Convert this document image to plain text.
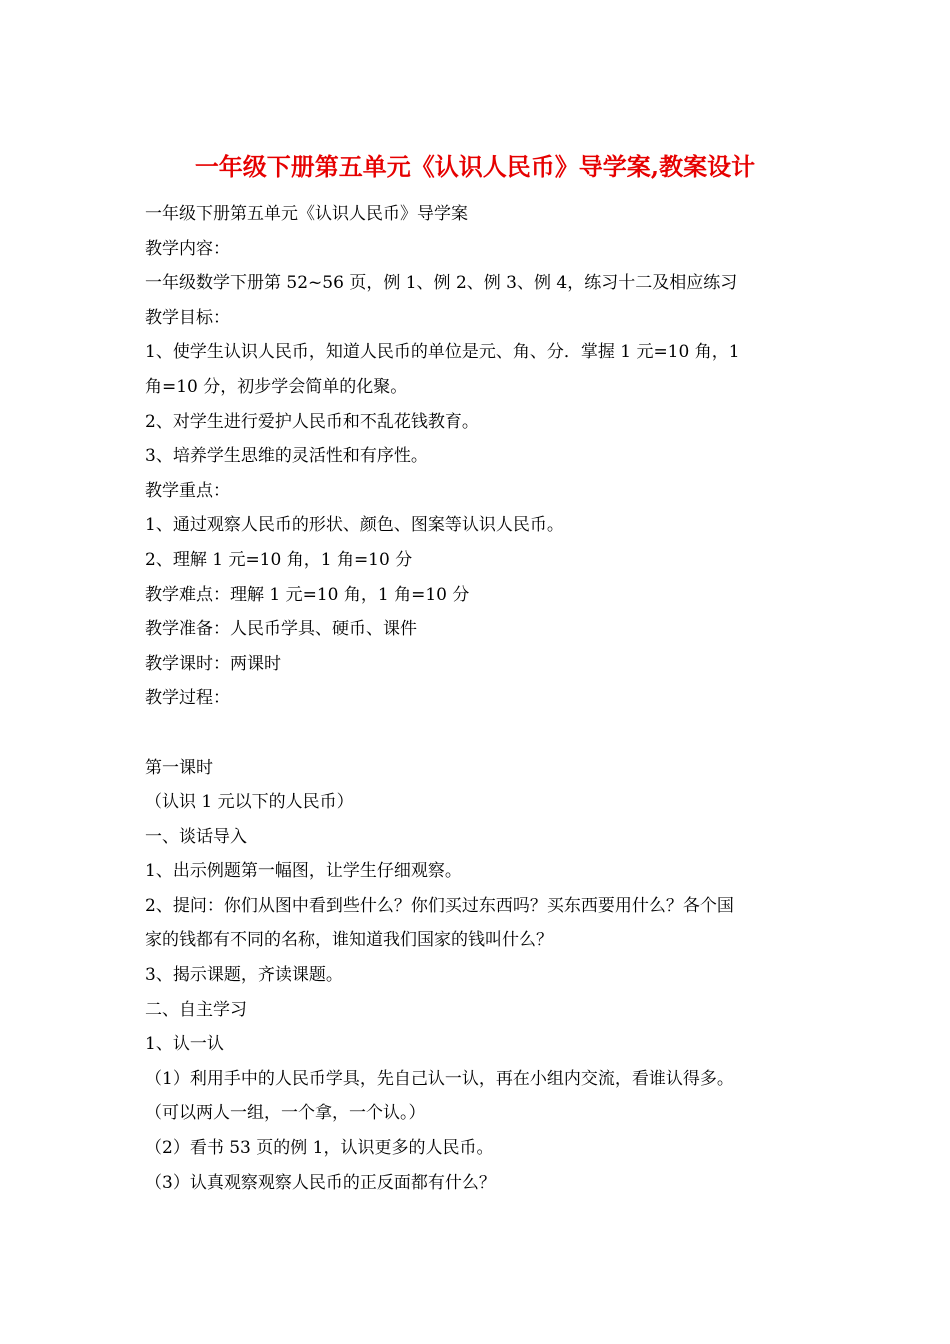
一年级下册第五单元《认识人民币》导学案,教案设计
一年级下册第五单元《认识人民币》导学案
教学内容：
一年级数学下册第 52~56 页，例 1、例 2、例 3、例 4，练习十二及相应练习
教学目标：
1、使学生认识人民币，知道人民币的单位是元、角、分．掌握 1 元=10 角，1
角=10 分，初步学会简单的化聚。
2、对学生进行爱护人民币和不乱花钱教育。
3、培养学生思维的灵活性和有序性。
教学重点：
1、通过观察人民币的形状、颜色、图案等认识人民币。
2、理解 1 元=10 角，1 角=10 分
教学难点：理解 1 元=10 角，1 角=10 分
教学准备：人民币学具、硬币、课件
教学课时：两课时
教学过程：
第一课时
（认识 1 元以下的人民币）
一、谈话导入
1、出示例题第一幅图，让学生仔细观察。
2、提问：你们从图中看到些什么？你们买过东西吗？买东西要用什么？各个国
家的钱都有不同的名称，谁知道我们国家的钱叫什么？
3、揭示课题，齐读课题。
二、自主学习
1、认一认
（1）利用手中的人民币学具，先自己认一认，再在小组内交流，看谁认得多。
（可以两人一组，一个拿，一个认。）
（2）看书 53 页的例 1，认识更多的人民币。
（3）认真观察观察人民币的正反面都有什么？
